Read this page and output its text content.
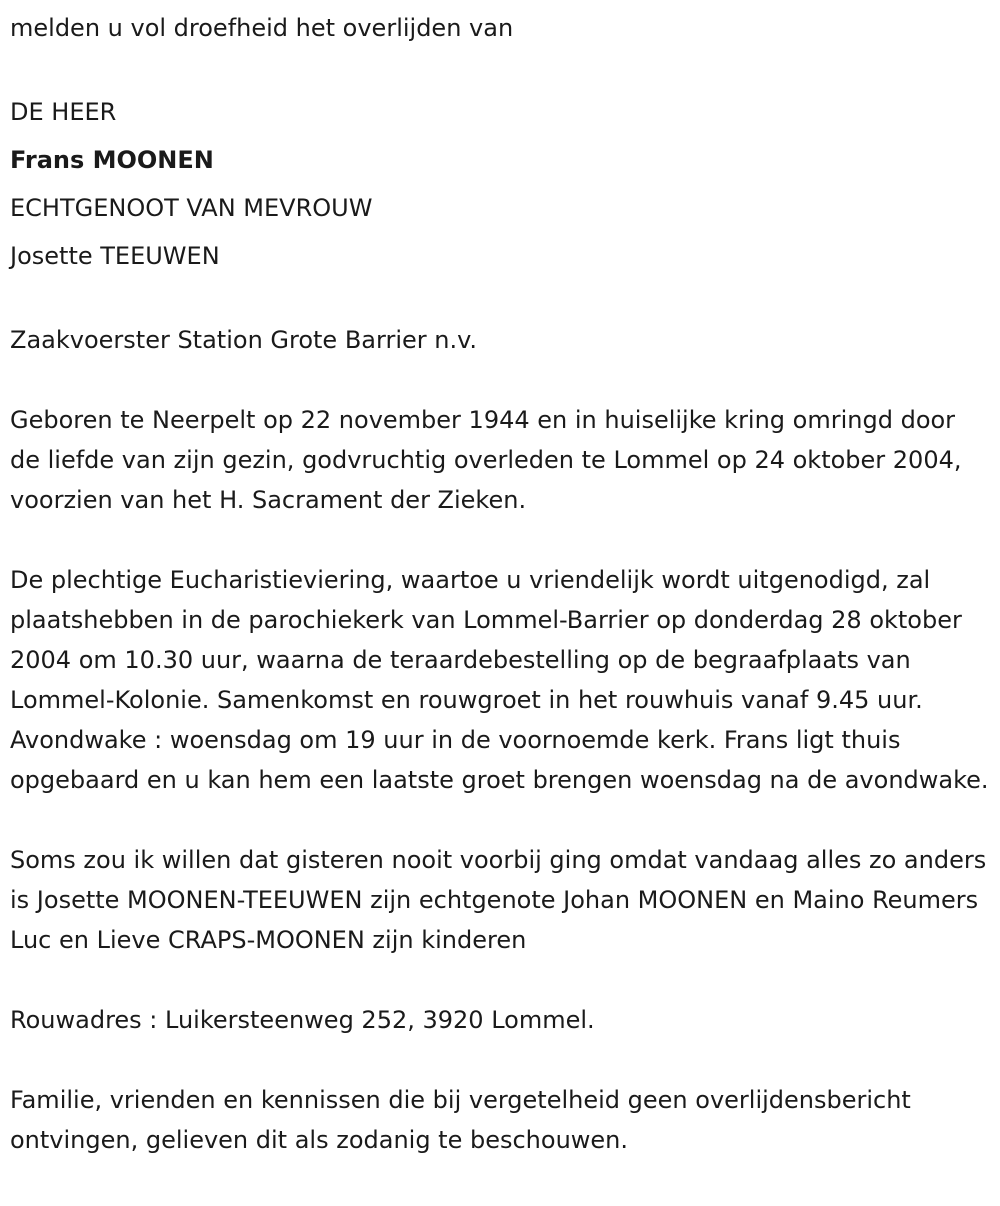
melden u vol droefheid het overlijden van

DE HEER

Frans MOONEN

ECHTGENOOT VAN MEVROUW

Josette TEEUWEN

Zaakvoerster Station Grote Barrier n.v.

Geboren te Neerpelt op 22 november 1944 en in huiselijke kring omringd door de liefde van zijn gezin, godvruchtig overleden te Lommel op 24 oktober 2004, voorzien van het H. Sacrament der Zieken.

De plechtige Eucharistieviering, waartoe u vriendelijk wordt uitgenodigd, zal plaatshebben in de parochiekerk van Lommel-Barrier op donderdag 28 oktober 2004 om 10.30 uur, waarna de teraardebestelling op de begraafplaats van Lommel-Kolonie. Samenkomst en rouwgroet in het rouwhuis vanaf 9.45 uur. Avondwake : woensdag om 19 uur in de voornoemde kerk. Frans ligt thuis opgebaard en u kan hem een laatste groet brengen woensdag na de avondwake.

Soms zou ik willen dat gisteren nooit voorbij ging omdat vandaag alles zo anders is Josette MOONEN-TEEUWEN zijn echtgenote Johan MOONEN en Maino Reumers Luc en Lieve CRAPS-MOONEN zijn kinderen

Rouwadres : Luikersteenweg 252, 3920 Lommel.

Familie, vrienden en kennissen die bij vergetelheid geen overlijdensbericht ontvingen, gelieven dit als zodanig te beschouwen.
